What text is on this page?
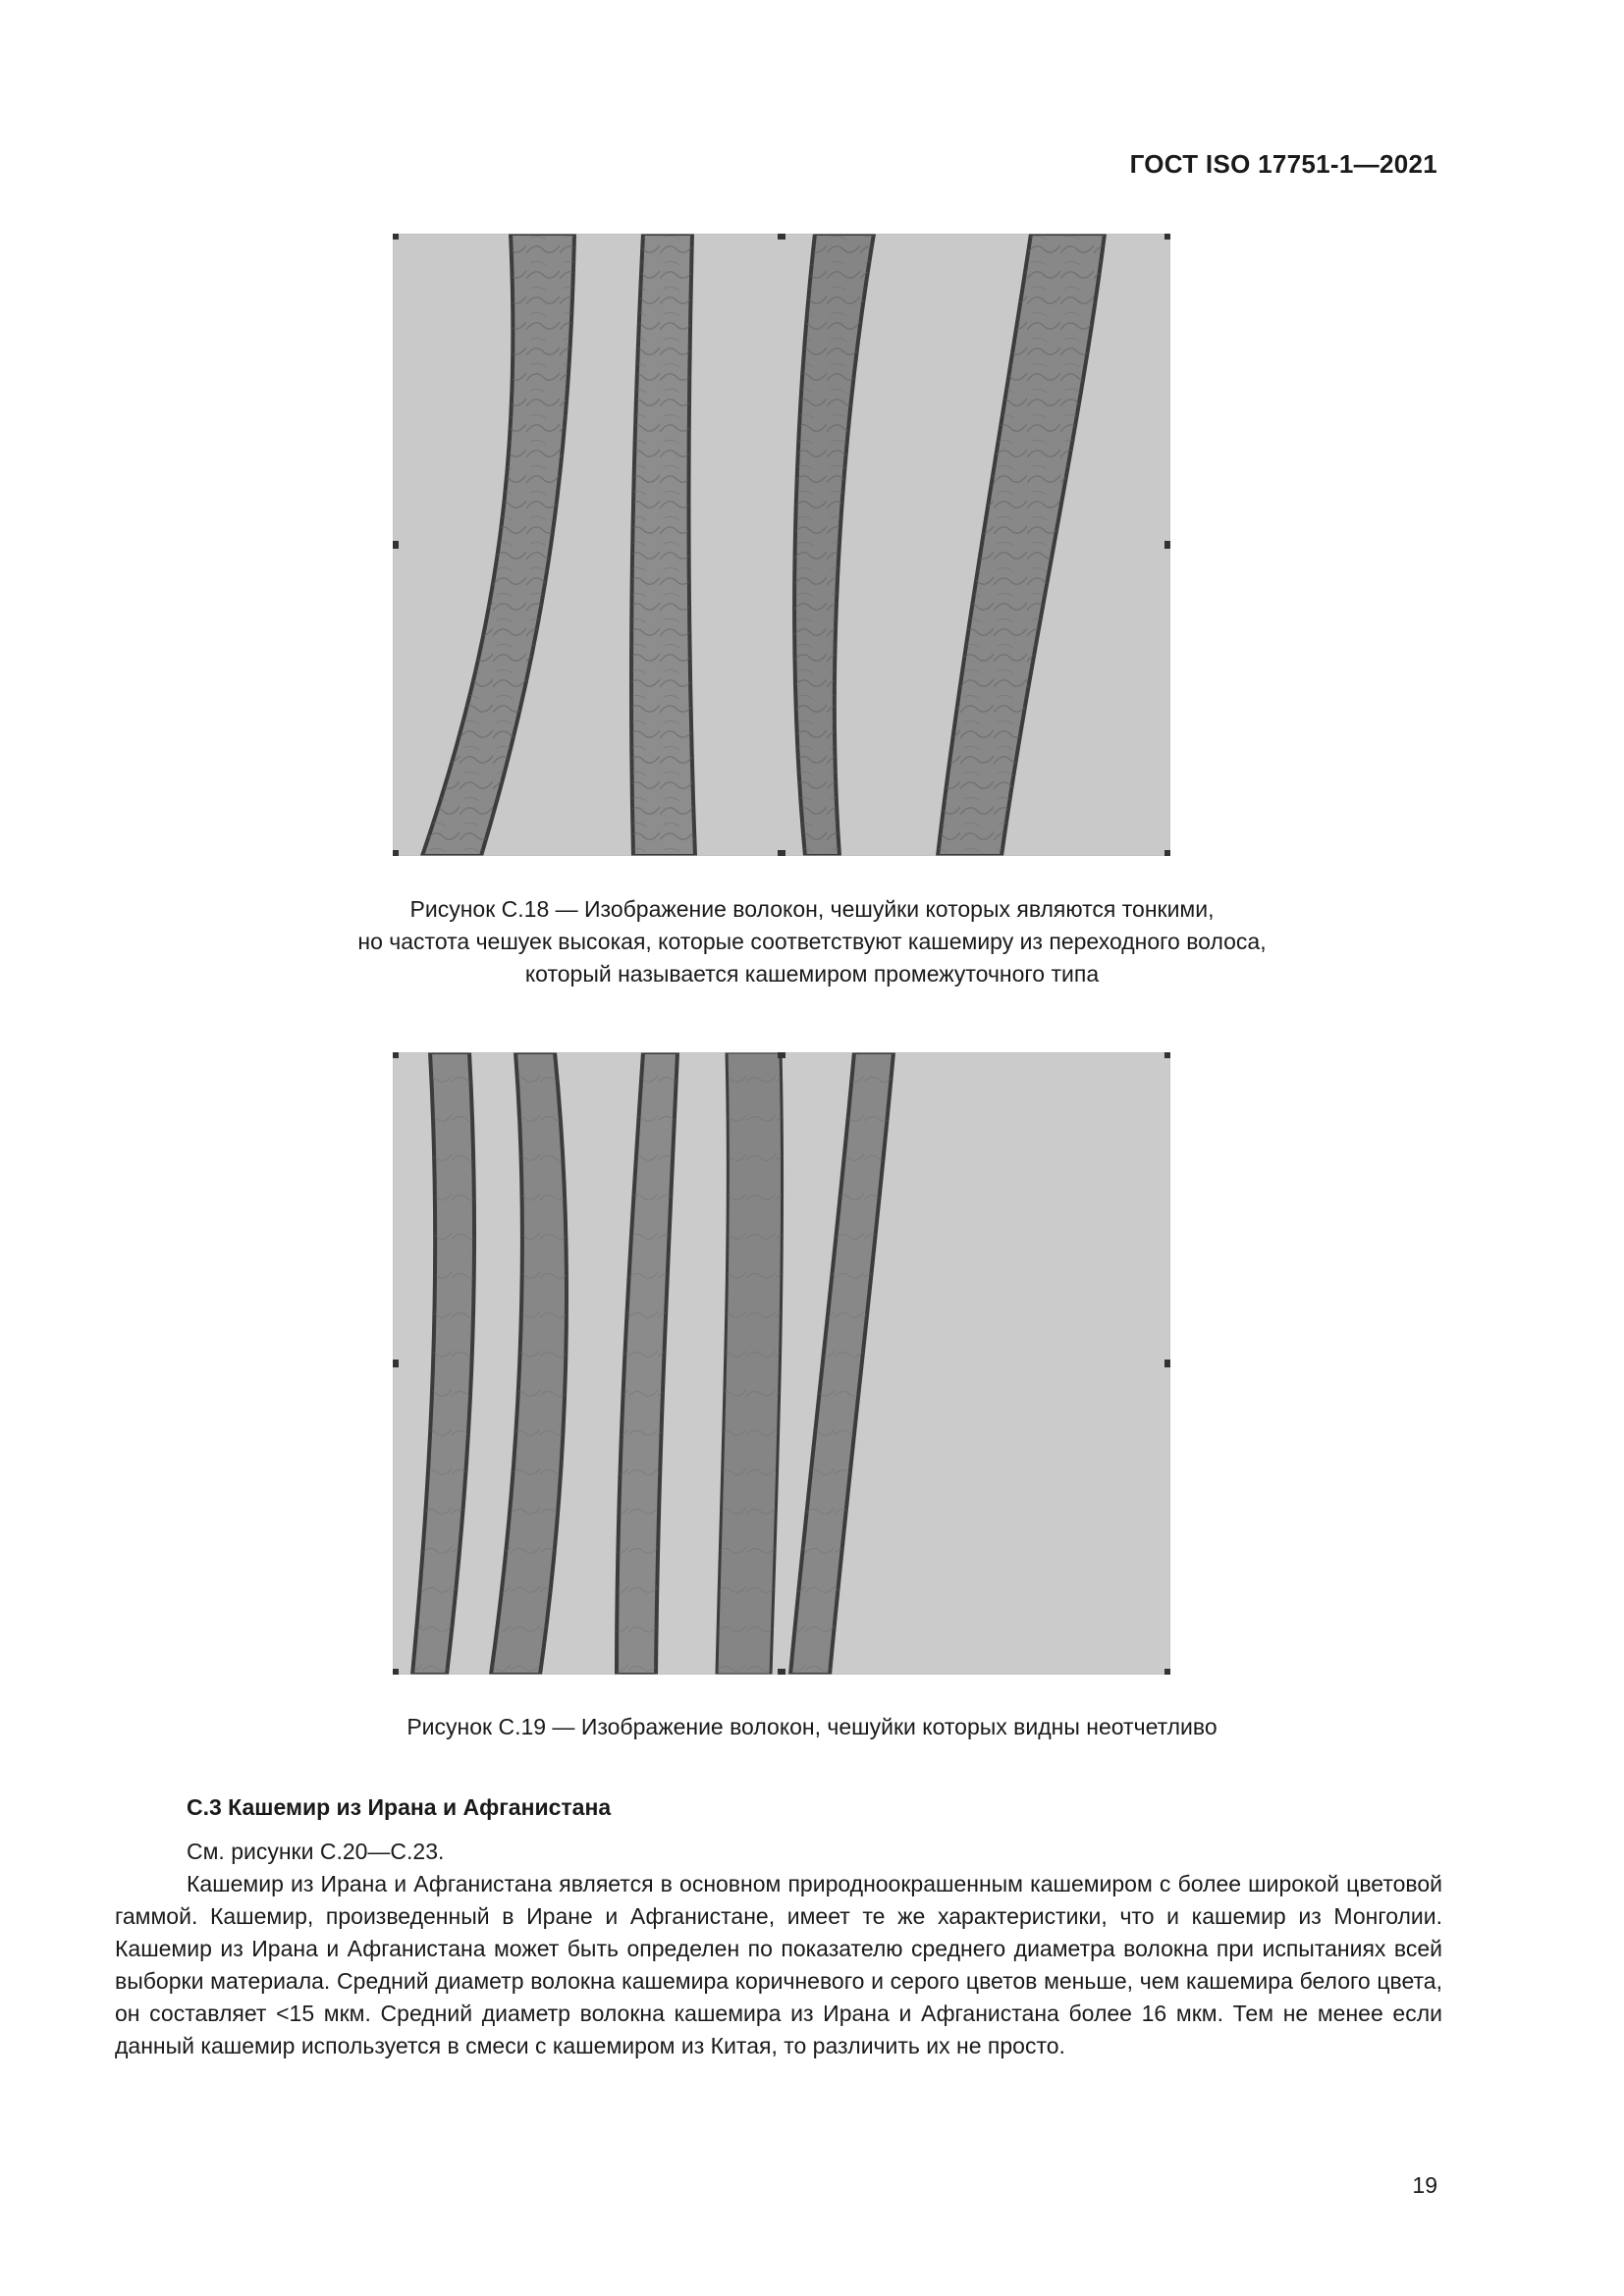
ГОСТ ISO 17751-1—2021
Рисунок С.18 — Изображение волокон, чешуйки которых являются тонкими,
но частота чешуек высокая, которые соответствуют кашемиру из переходного волоса,
который называется кашемиром промежуточного типа
Рисунок С.19 — Изображение волокон, чешуйки которых видны неотчетливо
С.3 Кашемир из Ирана и Афганистана

См. рисунки С.20—С.23.

Кашемир из Ирана и Афганистана является в основном природноокрашенным кашемиром с более широкой цветовой гаммой. Кашемир, произведенный в Иране и Афганистане, имеет те же характеристики, что и кашемир из Монголии. Кашемир из Ирана и Афганистана может быть определен по показателю среднего диаметра волокна при испытаниях всей выборки материала. Средний диаметр волокна кашемира коричневого и серого цветов меньше, чем кашемира белого цвета, он составляет <15 мкм. Средний диаметр волокна кашемира из Ирана и Афганистана более 16 мкм. Тем не менее если данный кашемир используется в смеси с кашемиром из Китая, то различить их не просто.

19
